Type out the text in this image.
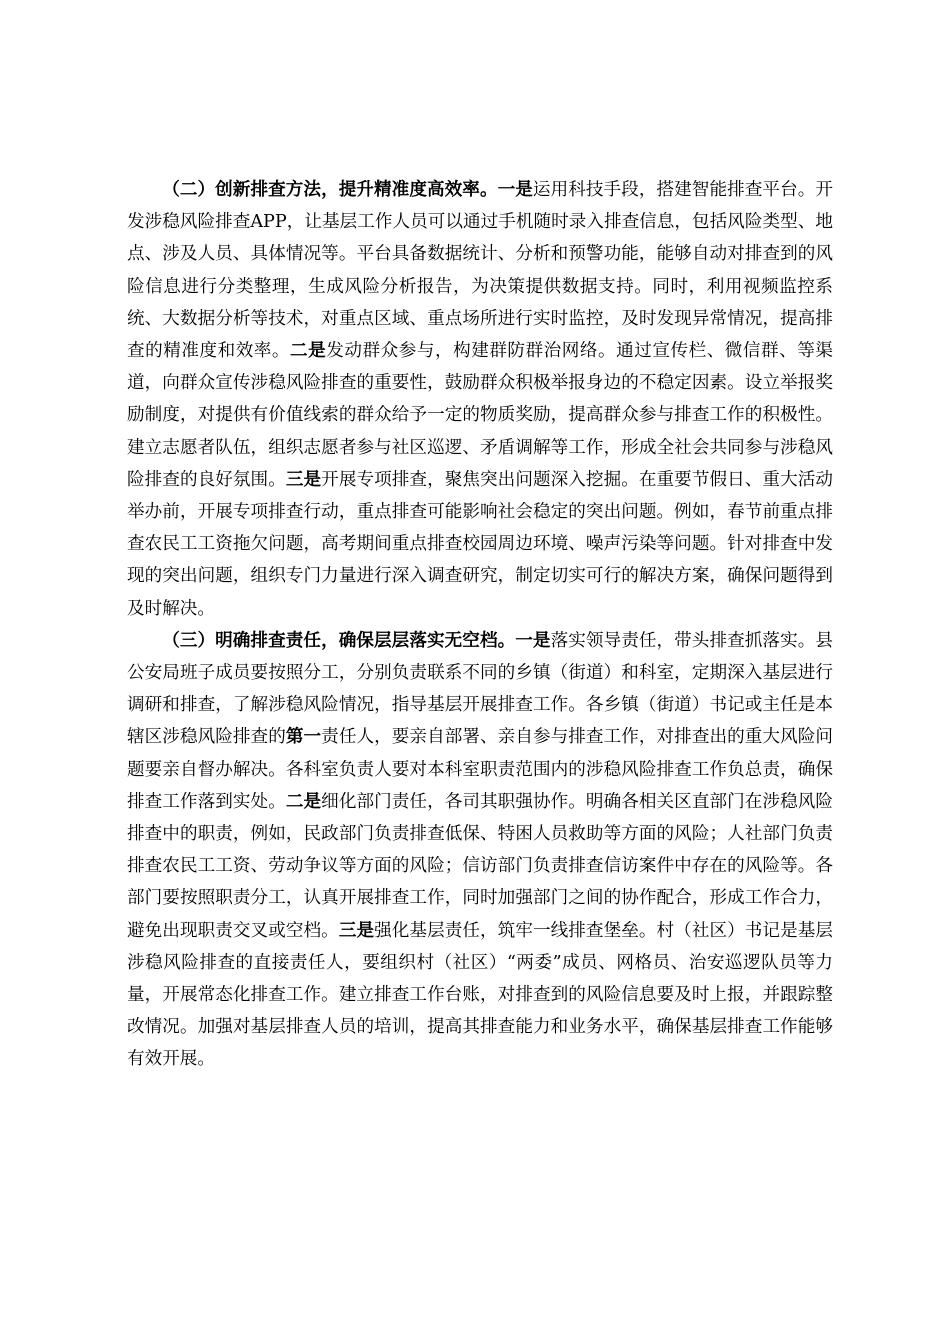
（二）创新排查方法，提升精准度高效率。一是运用科技手段，搭建智能排查平台。开发涉稳风险排查APP，让基层工作人员可以通过手机随时录入排查信息，包括风险类型、地点、涉及人员、具体情况等。平台具备数据统计、分析和预警功能，能够自动对排查到的风险信息进行分类整理，生成风险分析报告，为决策提供数据支持。同时，利用视频监控系统、大数据分析等技术，对重点区域、重点场所进行实时监控，及时发现异常情况，提高排查的精准度和效率。二是发动群众参与，构建群防群治网络。通过宣传栏、微信群、等渠道，向群众宣传涉稳风险排查的重要性，鼓励群众积极举报身边的不稳定因素。设立举报奖励制度，对提供有价值线索的群众给予一定的物质奖励，提高群众参与排查工作的积极性。建立志愿者队伍，组织志愿者参与社区巡逻、矛盾调解等工作，形成全社会共同参与涉稳风险排查的良好氛围。三是开展专项排查，聚焦突出问题深入挖掘。在重要节假日、重大活动举办前，开展专项排查行动，重点排查可能影响社会稳定的突出问题。例如，春节前重点排查农民工工资拖欠问题，高考期间重点排查校园周边环境、噪声污染等问题。针对排查中发现的突出问题，组织专门力量进行深入调查研究，制定切实可行的解决方案，确保问题得到及时解决。

（三）明确排查责任，确保层层落实无空档。一是落实领导责任，带头排查抓落实。县公安局班子成员要按照分工，分别负责联系不同的乡镇（街道）和科室，定期深入基层进行调研和排查，了解涉稳风险情况，指导基层开展排查工作。各乡镇（街道）书记或主任是本辖区涉稳风险排查的第一责任人，要亲自部署、亲自参与排查工作，对排查出的重大风险问题要亲自督办解决。各科室负责人要对本科室职责范围内的涉稳风险排查工作负总责，确保排查工作落到实处。二是细化部门责任，各司其职强协作。明确各相关区直部门在涉稳风险排查中的职责，例如，民政部门负责排查低保、特困人员救助等方面的风险；人社部门负责排查农民工工资、劳动争议等方面的风险；信访部门负责排查信访案件中存在的风险等。各部门要按照职责分工，认真开展排查工作，同时加强部门之间的协作配合，形成工作合力，避免出现职责交叉或空档。三是强化基层责任，筑牢一线排查堡垒。村（社区）书记是基层涉稳风险排查的直接责任人，要组织村（社区）“两委”成员、网格员、治安巡逻队员等力量，开展常态化排查工作。建立排查工作台账，对排查到的风险信息要及时上报，并跟踪整改情况。加强对基层排查人员的培训，提高其排查能力和业务水平，确保基层排查工作能够有效开展。
